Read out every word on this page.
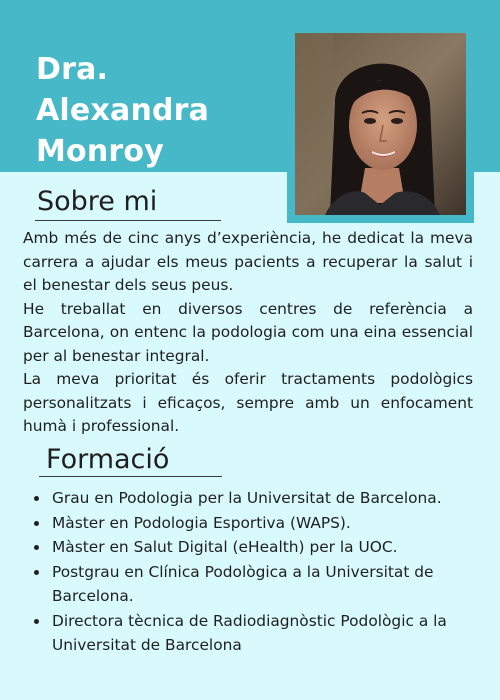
Dra. Alexandra
Monroy
Sobre mi

Amb més de cinc anys d’experiència, he dedicat la meva carrera a ajudar els meus pacients a recuperar la salut i el benestar dels seus peus.

He treballat en diversos centres de referència a Barcelona, on entenc la podologia com una eina essencial per al benestar integral.

La meva prioritat és oferir tractaments podològics personalitzats i eficaços, sempre amb un enfocament humà i professional.

Formació
Grau en Podologia per la Universitat de Barcelona.
Màster en Podologia Esportiva (WAPS).
Màster en Salut Digital (eHealth) per la UOC.
Postgrau en Clínica Podològica a la Universitat de Barcelona.
Directora tècnica de Radiodiagnòstic Podològic a la Universitat de Barcelona
